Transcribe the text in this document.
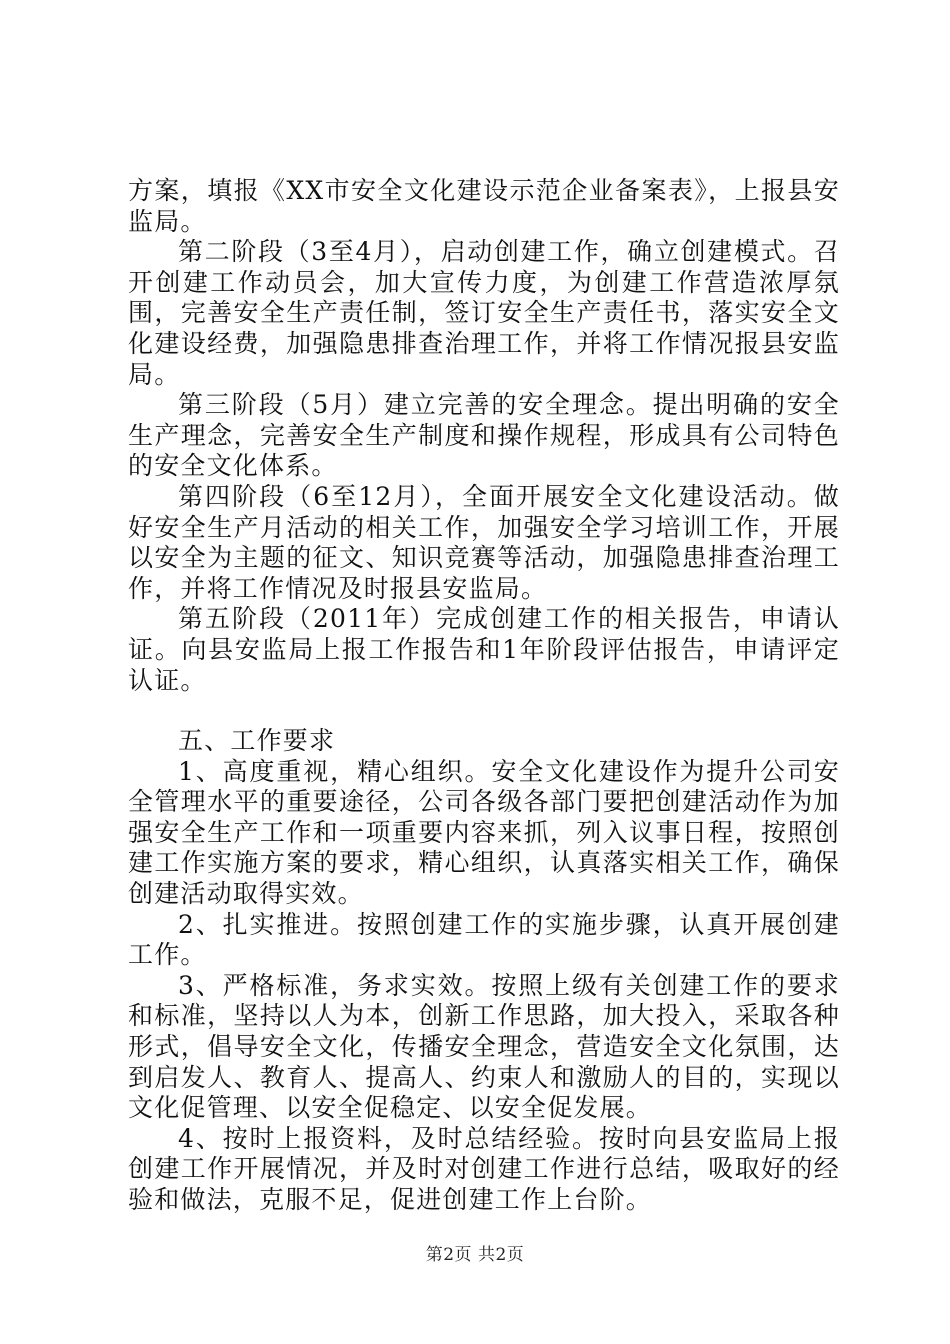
方案，填报《XX市安全文化建设示范企业备案表》，上报县安监局。

第二阶段（3至4月），启动创建工作，确立创建模式。召开创建工作动员会，加大宣传力度，为创建工作营造浓厚氛围，完善安全生产责任制，签订安全生产责任书，落实安全文化建设经费，加强隐患排查治理工作，并将工作情况报县安监局。

第三阶段（5月）建立完善的安全理念。提出明确的安全生产理念，完善安全生产制度和操作规程，形成具有公司特色的安全文化体系。

第四阶段（6至12月），全面开展安全文化建设活动。做好安全生产月活动的相关工作，加强安全学习培训工作，开展以安全为主题的征文、知识竞赛等活动，加强隐患排查治理工作，并将工作情况及时报县安监局。

第五阶段（2011年）完成创建工作的相关报告，申请认证。向县安监局上报工作报告和1年阶段评估报告，申请评定认证。

五、工作要求

1、高度重视，精心组织。安全文化建设作为提升公司安全管理水平的重要途径，公司各级各部门要把创建活动作为加强安全生产工作和一项重要内容来抓，列入议事日程，按照创建工作实施方案的要求，精心组织，认真落实相关工作，确保创建活动取得实效。

2、扎实推进。按照创建工作的实施步骤，认真开展创建工作。

3、严格标准，务求实效。按照上级有关创建工作的要求和标准，坚持以人为本，创新工作思路，加大投入，采取各种形式，倡导安全文化，传播安全理念，营造安全文化氛围，达到启发人、教育人、提高人、约束人和激励人的目的，实现以文化促管理、以安全促稳定、以安全促发展。

4、按时上报资料，及时总结经验。按时向县安监局上报创建工作开展情况，并及时对创建工作进行总结，吸取好的经验和做法，克服不足，促进创建工作上台阶。

第2页 共2页
